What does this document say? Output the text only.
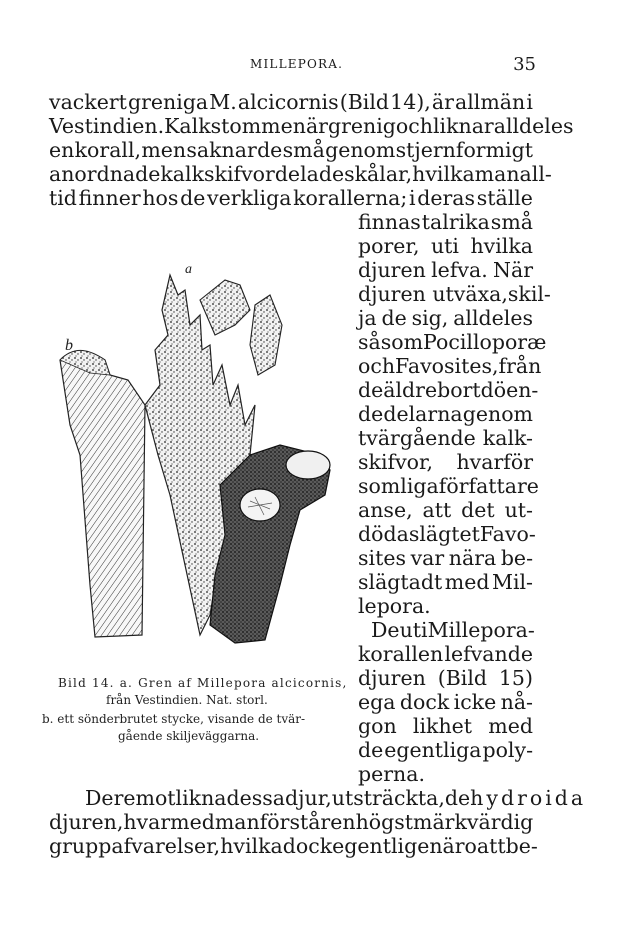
MILLEPORA.	35
vackert greniga M. alcicornis (Bild 14), är allmän i
Vestindien. Kalkstommen är grenig och liknar alldeles
en korall, men saknar de små genom stjernformigt
anordnade kalkskifvor delade skålar, hvilka man all-
tid finner hos de verkliga korallerna; i deras ställe
finnas talrika små
porer, uti hvilka
djuren lefva. När
djuren utväxa,skil-
ja de sig, alldeles
såsom Pocilloporæ
och Favosites, från
de äldre bortdöen-
de delarna genom
tvärgående kalk-
skifvor, hvarför
somliga författare
anse, att det ut-
döda slägtet Favo-
sites var nära be-
slägtadt med Mil-
lepora.
De uti Millepora-
korallen lefvande
djuren (Bild 15)
ega dock icke nå-
gon likhet med
de egentliga poly-
perna.
Deremot likna dessa djur, utsträckta, de hydroida
djuren, hvarmed man förstår en högst märkvärdig
grupp af varelser, hvilka dock egentligen äro att be-
a
b
Bild 14. a. Gren af Millepora alcicornis,
från Vestindien. Nat. storl.
b. ett sönderbrutet stycke, visande de tvär-
gående skiljeväggarna.
